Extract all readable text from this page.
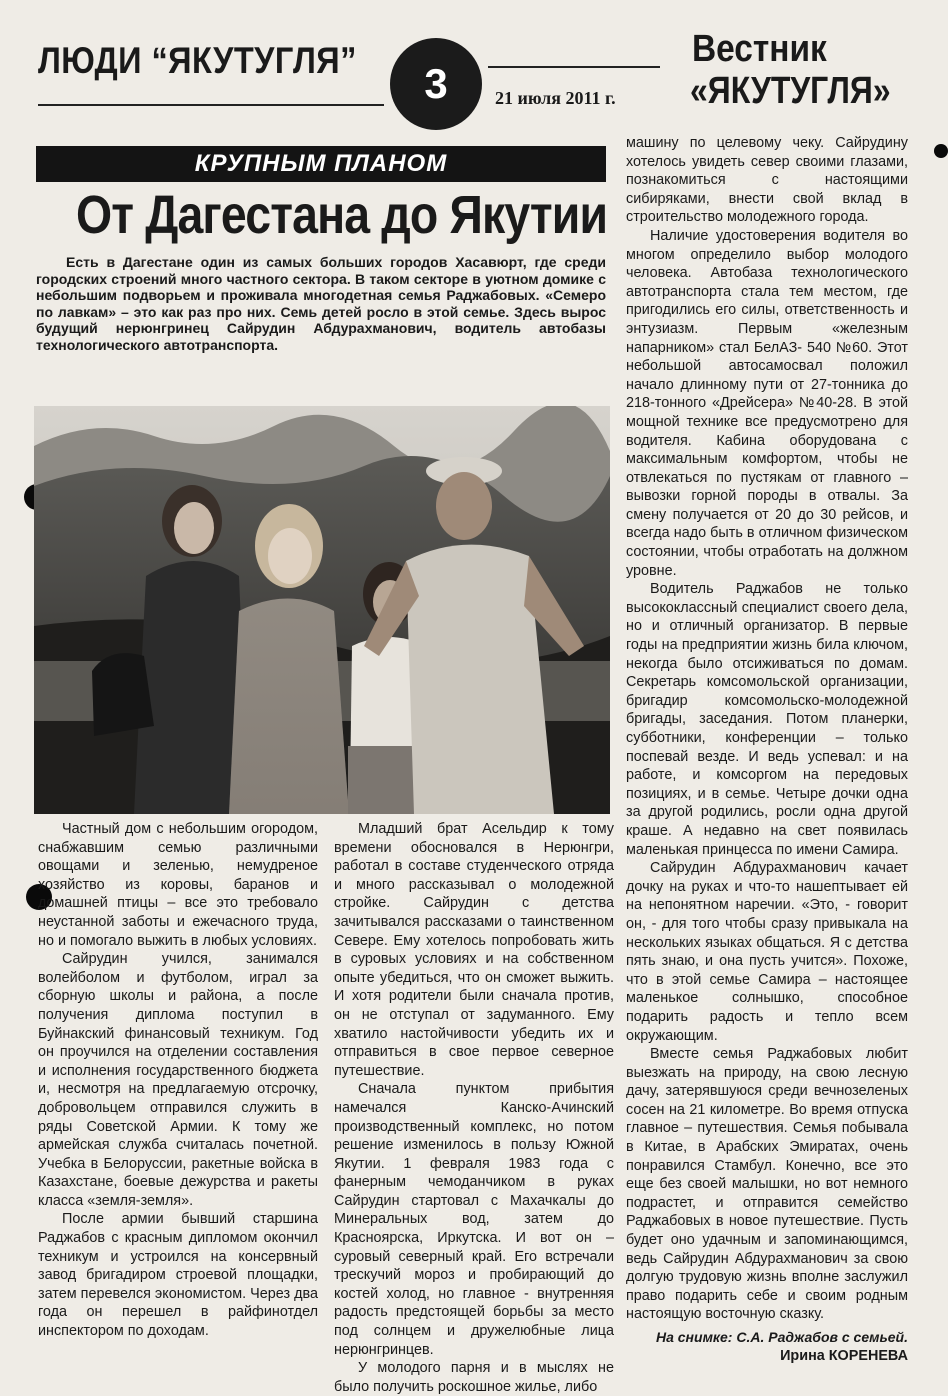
ЛЮДИ “ЯКУТУГЛЯ” 3	21 июля 2011 г.
Вестник
«ЯКУТУГЛЯ»
КРУПНЫМ ПЛАНОМ
От Дагестана до Якутии

Есть в Дагестане один из самых больших городов Хасавюрт, где среди городских строений много частного сектора. В таком секторе в уютном домике с небольшим подворьем и проживала многодетная семья Раджабовых. «Семеро по лавкам» – это как раз про них. Семь детей росло в этой семье. Здесь вырос будущий нерюнгринец Сайрудин Абдурахманович, водитель автобазы технологического автотранспорта.

Частный дом с небольшим огородом, снабжавшим семью различными овощами и зеленью, немудреное хозяйство из коровы, баранов и домашней птицы – все это требовало неустанной заботы и ежечасного труда, но и помогало выжить в любых условиях.

Сайрудин учился, занимался волейболом и футболом, играл за сборную школы и района, а после получения диплома поступил в Буйнакский финансовый техникум. Год он проучился на отделении составления и исполнения государственного бюджета и, несмотря на предлагаемую отсрочку, добровольцем отправился служить в ряды Советской Армии. К тому же армейская служба считалась почетной. Учебка в Белоруссии, ракетные войска в Казахстане, боевые дежурства и ракеты класса «земля-земля».

После армии бывший старшина Раджабов с красным дипломом окончил техникум и устроился на консервный завод бригадиром строевой площадки, затем перевелся экономистом. Через два года он перешел в райфинотдел инспектором по доходам.

Младший брат Асельдир к тому времени обосновался в Нерюнгри, работал в составе студенческого отряда и много рассказывал о молодежной стройке. Сайрудин с детства зачитывался рассказами о таинственном Севере. Ему хотелось попробовать жить в суровых условиях и на собственном опыте убедиться, что он сможет выжить. И хотя родители были сначала против, он не отступал от задуманного. Ему хватило настойчивости убедить их и отправиться в свое первое северное путешествие.

Сначала пунктом прибытия намечался Канско-Ачинский производственный комплекс, но потом решение изменилось в пользу Южной Якутии. 1 февраля 1983 года с фанерным чемоданчиком в руках Сайрудин стартовал с Махачкалы до Минеральных вод, затем до Красноярска, Иркутска. И вот он –суровый северный край. Его встречали трескучий мороз и пробирающий до костей холод, но главное - внутренняя радость предстоящей борьбы за место под солнцем и дружелюбные лица нерюнгринцев.

У молодого парня и в мыслях не было получить роскошное жилье, либо

машину по целевому чеку. Сайрудину хотелось увидеть север своими глазами, познакомиться с настоящими сибиряками, внести свой вклад в строительство молодежного города.

Наличие удостоверения водителя во многом определило выбор молодого человека. Автобаза технологического автотранспорта стала тем местом, где пригодились его силы, ответственность и энтузиазм. Первым «железным напарником» стал БелАЗ- 540 №60. Этот небольшой автосамосвал положил начало длинному пути от 27-тонника до 218-тонного «Дрейсера» №40-28. В этой мощной технике все предусмотрено для водителя. Кабина оборудована с максимальным комфортом, чтобы не отвлекаться по пустякам от главного – вывозки горной породы в отвалы. За смену получается от 20 до 30 рейсов, и всегда надо быть в отличном физическом состоянии, чтобы отработать на должном уровне.

Водитель Раджабов не только высококлассный специалист своего дела, но и отличный организатор. В первые годы на предприятии жизнь била ключом, некогда было отсиживаться по домам. Секретарь комсомольской организации, бригадир комсомольско-молодежной бригады, заседания. Потом планерки, субботники, конференции – только поспевай везде. И ведь успевал: и на работе, и комсоргом на передовых позициях, и в семье. Четыре дочки одна за другой родились, росли одна другой краше. А недавно на свет появилась маленькая принцесса по имени Самира.

Сайрудин Абдурахманович качает дочку на руках и что-то нашептывает ей на непонятном наречии. «Это, - говорит он, - для того чтобы сразу привыкала на нескольких языках общаться. Я с детства пять знаю, и она пусть учится». Похоже, что в этой семье Самира – настоящее маленькое солнышко, способное подарить радость и тепло всем окружающим.

Вместе семья Раджабовых любит выезжать на природу, на свою лесную дачу, затерявшуюся среди вечнозеленых сосен на 21 километре. Во время отпуска главное – путешествия. Семья побывала в Китае, в Арабских Эмиратах, очень понравился Стамбул. Конечно, все это еще без своей малышки, но вот немного подрастет, и отправится семейство Раджабовых в новое путешествие. Пусть будет оно удачным и запоминающимся, ведь Сайрудин Абдурахманович за свою долгую трудовую жизнь вполне заслужил право подарить себе и своим родным настоящую восточную сказку.

На снимке: С.А. Раджабов с семьей.
Ирина КОРЕНЕВА
